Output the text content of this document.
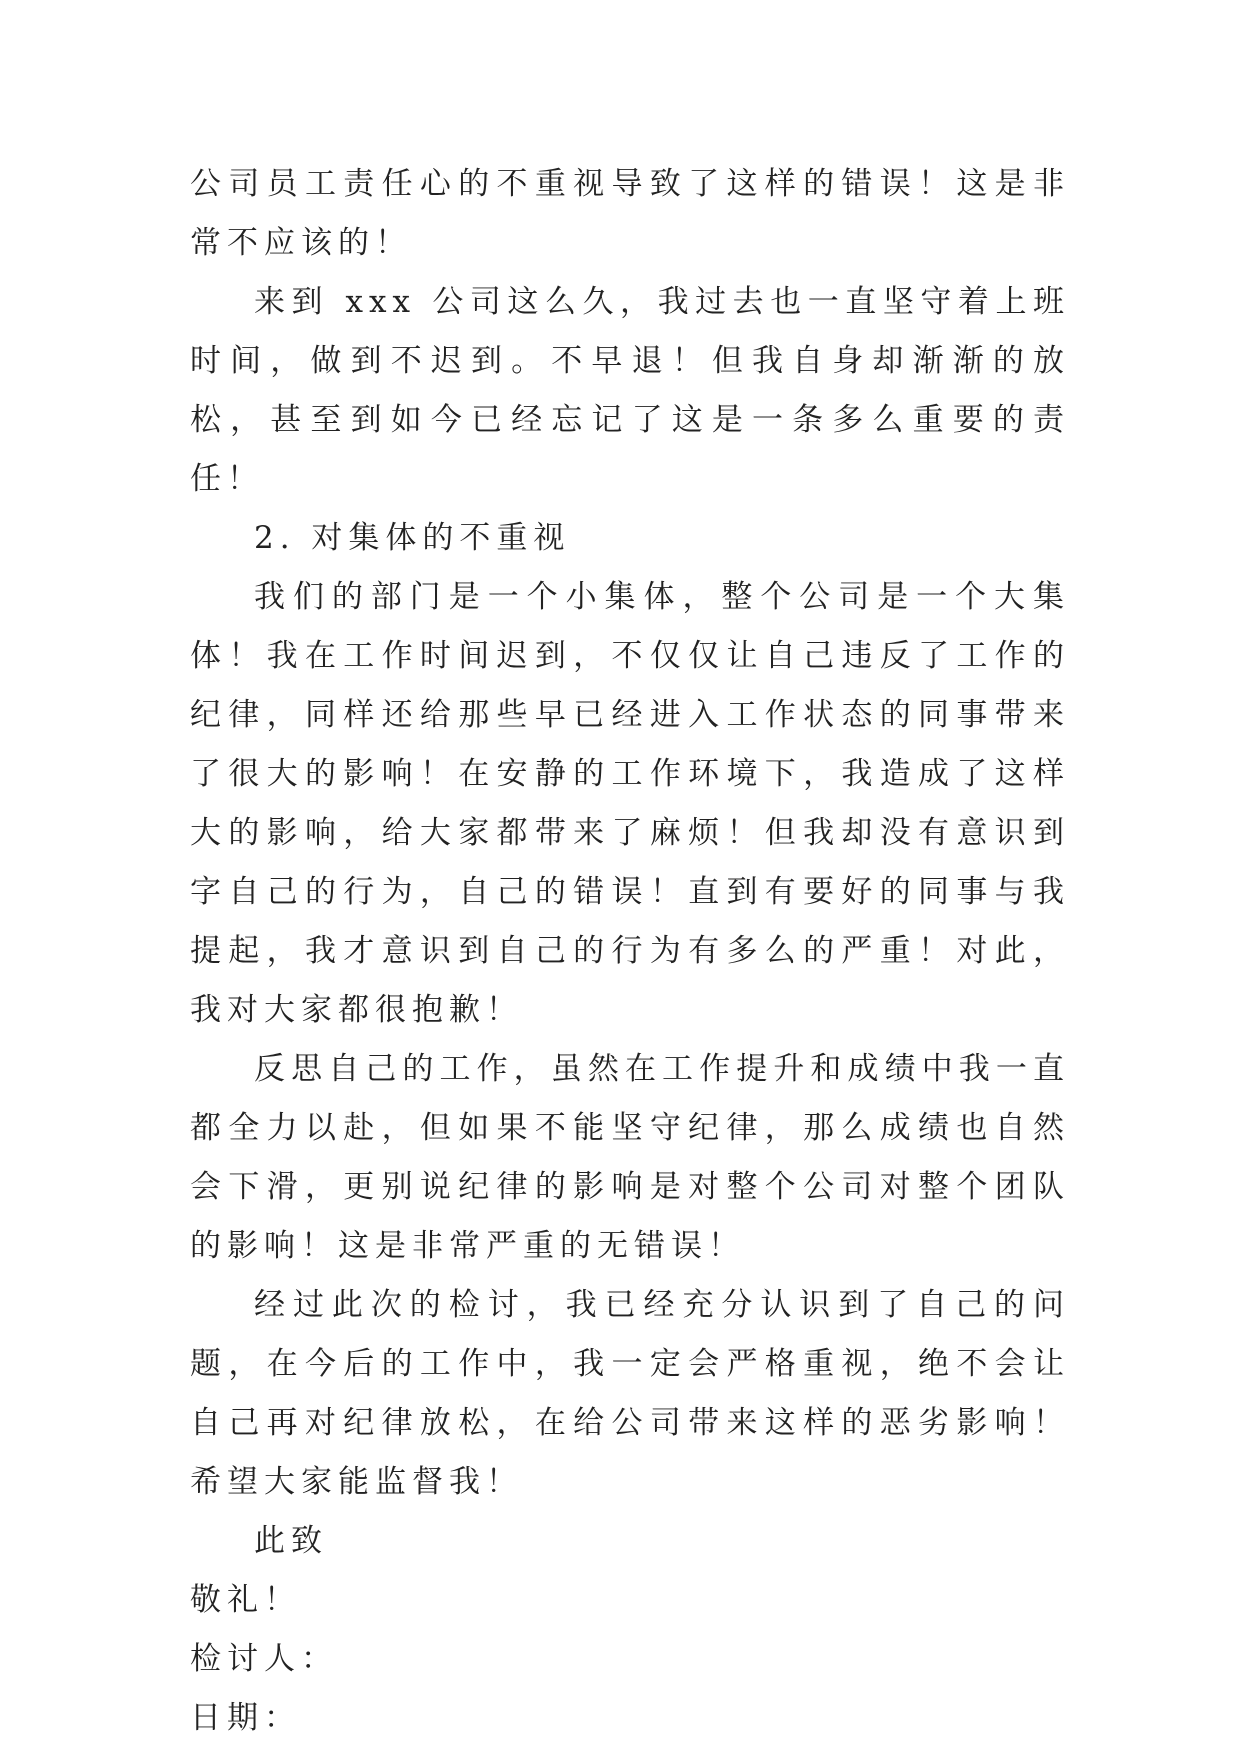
公司员工责任心的不重视导致了这样的错误！这是非常不应该的！

来到 xxx 公司这么久，我过去也一直坚守着上班时间，做到不迟到。不早退！但我自身却渐渐的放松，甚至到如今已经忘记了这是一条多么重要的责任！

2. 对集体的不重视

我们的部门是一个小集体，整个公司是一个大集体！我在工作时间迟到，不仅仅让自己违反了工作的纪律，同样还给那些早已经进入工作状态的同事带来了很大的影响！在安静的工作环境下，我造成了这样大的影响，给大家都带来了麻烦！但我却没有意识到字自己的行为，自己的错误！直到有要好的同事与我提起，我才意识到自己的行为有多么的严重！对此，我对大家都很抱歉！

反思自己的工作，虽然在工作提升和成绩中我一直都全力以赴，但如果不能坚守纪律，那么成绩也自然会下滑，更别说纪律的影响是对整个公司对整个团队的影响！这是非常严重的无错误！

经过此次的检讨，我已经充分认识到了自己的问题，在今后的工作中，我一定会严格重视，绝不会让自己再对纪律放松，在给公司带来这样的恶劣影响！希望大家能监督我！

此致

敬礼！

检讨人：

日期：
